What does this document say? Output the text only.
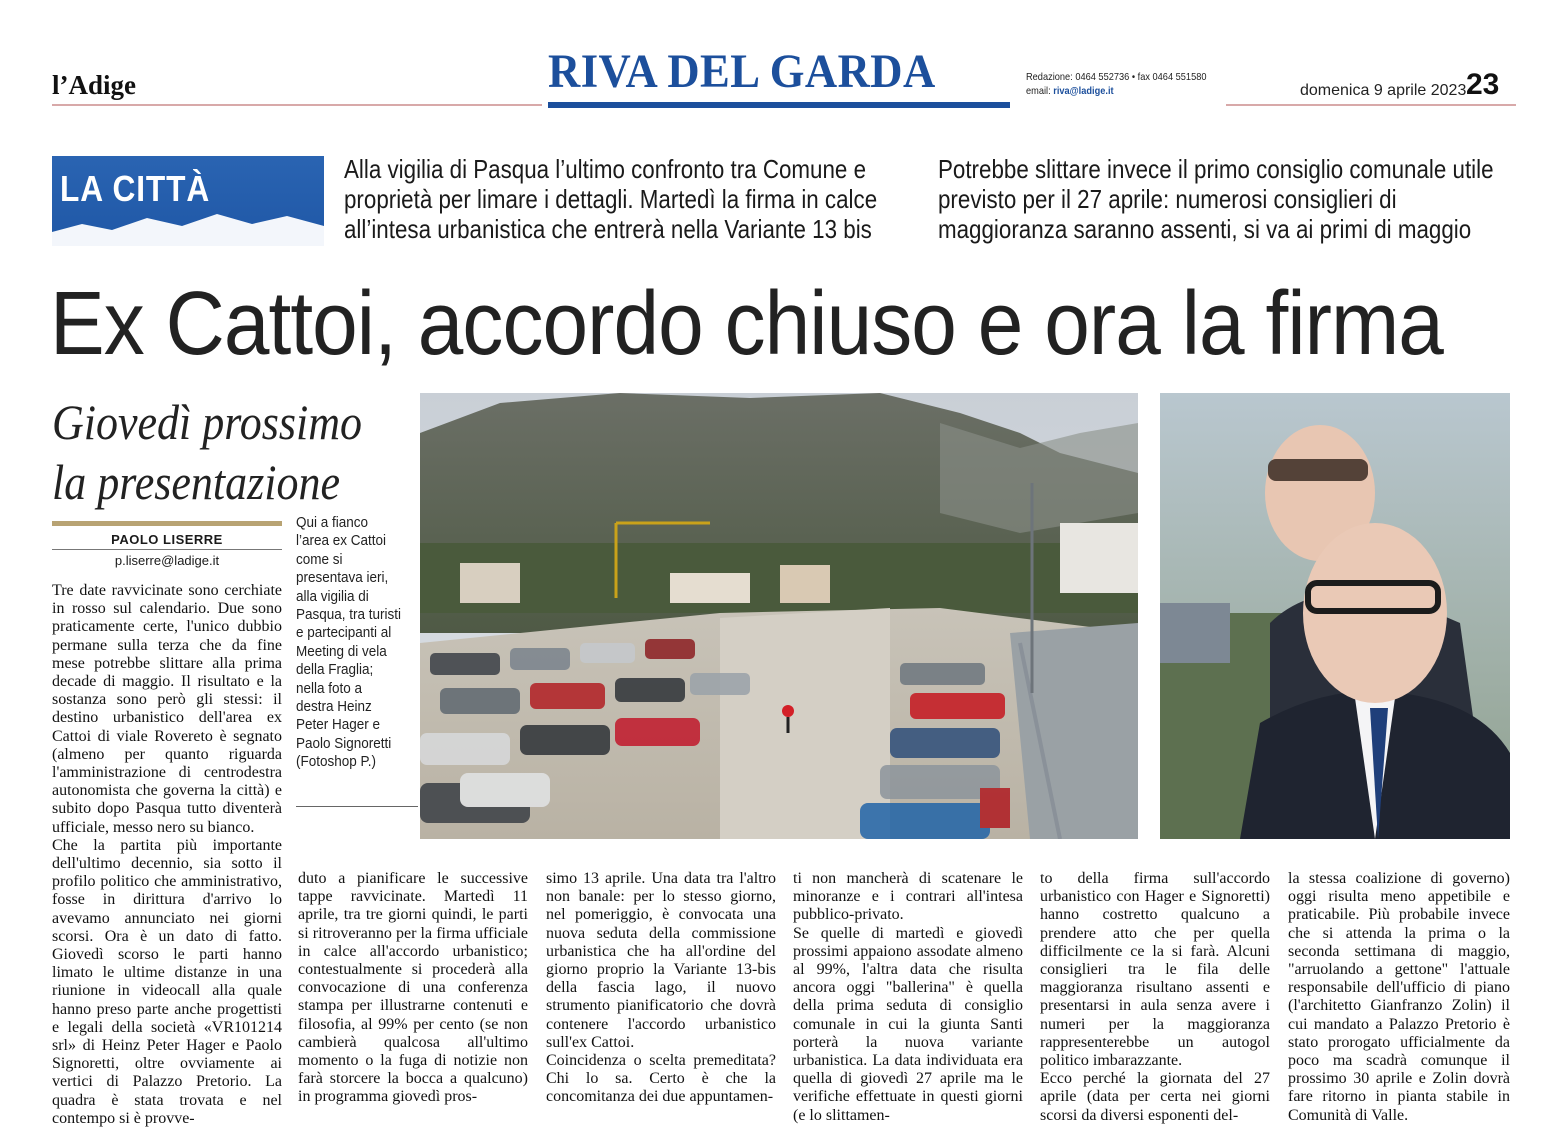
l’Adige	RIVA DEL GARDA	Redazione: 0464 552736 • fax 0464 551580
email: riva@ladige.it	domenica 9 aprile 2023 23
LA CITTÀ	Alla vigilia di Pasqua l’ultimo confronto tra Comune e proprietà per limare i dettagli. Martedì la firma in calce all’intesa urbanistica che entrerà nella Variante 13 bis
Potrebbe slittare invece il primo consiglio comunale utile previsto per il 27 aprile: numerosi consiglieri di maggioranza saranno assenti, si va ai primi di maggio
Ex Cattoi, accordo chiuso e ora la firma
Giovedì prossimo
la presentazione
PAOLO LISERRE
p.liserre@ladige.it
Qui a fianco l’area ex Cattoi come si presentava ieri, alla vigilia di Pasqua, tra turisti e partecipanti al Meeting di vela della Fraglia; nella foto a destra Heinz Peter Hager e Paolo Signoretti (Fotoshop P.)

Tre date ravvicinate sono cerchiate in rosso sul calendario. Due sono praticamente certe, l'unico dubbio permane sulla terza che da fine mese potrebbe slittare alla prima decade di maggio. Il risultato e la sostanza sono però gli stessi: il destino urbanistico dell'area ex Cattoi di viale Rovereto è segnato (almeno per quanto riguarda l'amministrazione di centrodestra autonomista che governa la città) e subito dopo Pasqua tutto diventerà ufficiale, messo nero su bianco.

Che la partita più importante dell'ultimo decennio, sia sotto il profilo politico che amministrativo, fosse in dirittura d'arrivo lo avevamo annunciato nei giorni scorsi. Ora è un dato di fatto. Giovedì scorso le parti hanno limato le ultime distanze in una riunione in videocall alla quale hanno preso parte anche progettisti e legali della società «VR101214 srl» di Heinz Peter Hager e Paolo Signoretti, oltre ovviamente ai vertici di Palazzo Pretorio. La quadra è stata trovata e nel contempo si è provve-

duto a pianificare le successive tappe ravvicinate. Martedì 11 aprile, tra tre giorni quindi, le parti si ritroveranno per la firma ufficiale in calce all'accordo urbanistico; contestualmente si procederà alla convocazione di una conferenza stampa per illustrarne contenuti e filosofia, al 99% per cento (se non cambierà qualcosa all'ultimo momento o la fuga di notizie non farà storcere la bocca a qualcuno) in programma giovedì pros-

simo 13 aprile. Una data tra l'altro non banale: per lo stesso giorno, nel pomeriggio, è convocata una nuova seduta della commissione urbanistica che ha all'ordine del giorno proprio la Variante 13-bis della fascia lago, il nuovo strumento pianificatorio che dovrà contenere l'accordo urbanistico sull'ex Cattoi.

Coincidenza o scelta premeditata? Chi lo sa. Certo è che la concomitanza dei due appuntamen-

ti non mancherà di scatenare le minoranze e i contrari all'intesa pubblico-privato.

Se quelle di martedì e giovedì prossimi appaiono assodate almeno al 99%, l'altra data che risulta ancora oggi "ballerina" è quella della prima seduta di consiglio comunale in cui la giunta Santi porterà la nuova variante urbanistica. La data individuata era quella di giovedì 27 aprile ma le verifiche effettuate in questi giorni (e lo slittamen-

to della firma sull'accordo urbanistico con Hager e Signoretti) hanno costretto qualcuno a prendere atto che per quella difficilmente ce la si farà. Alcuni consiglieri tra le fila delle maggioranza risultano assenti e presentarsi in aula senza avere i numeri per la maggioranza rappresenterebbe un autogol politico imbarazzante.

Ecco perché la giornata del 27 aprile (data per certa nei giorni scorsi da diversi esponenti del-

la stessa coalizione di governo) oggi risulta meno appetibile e praticabile. Più probabile invece che si attenda la prima o la seconda settimana di maggio, "arruolando a gettone" l'attuale responsabile dell'ufficio di piano (l'architetto Gianfranzo Zolin) il cui mandato a Palazzo Pretorio è stato prorogato ufficialmente da poco ma scadrà comunque il prossimo 30 aprile e Zolin dovrà fare ritorno in pianta stabile in Comunità di Valle.
